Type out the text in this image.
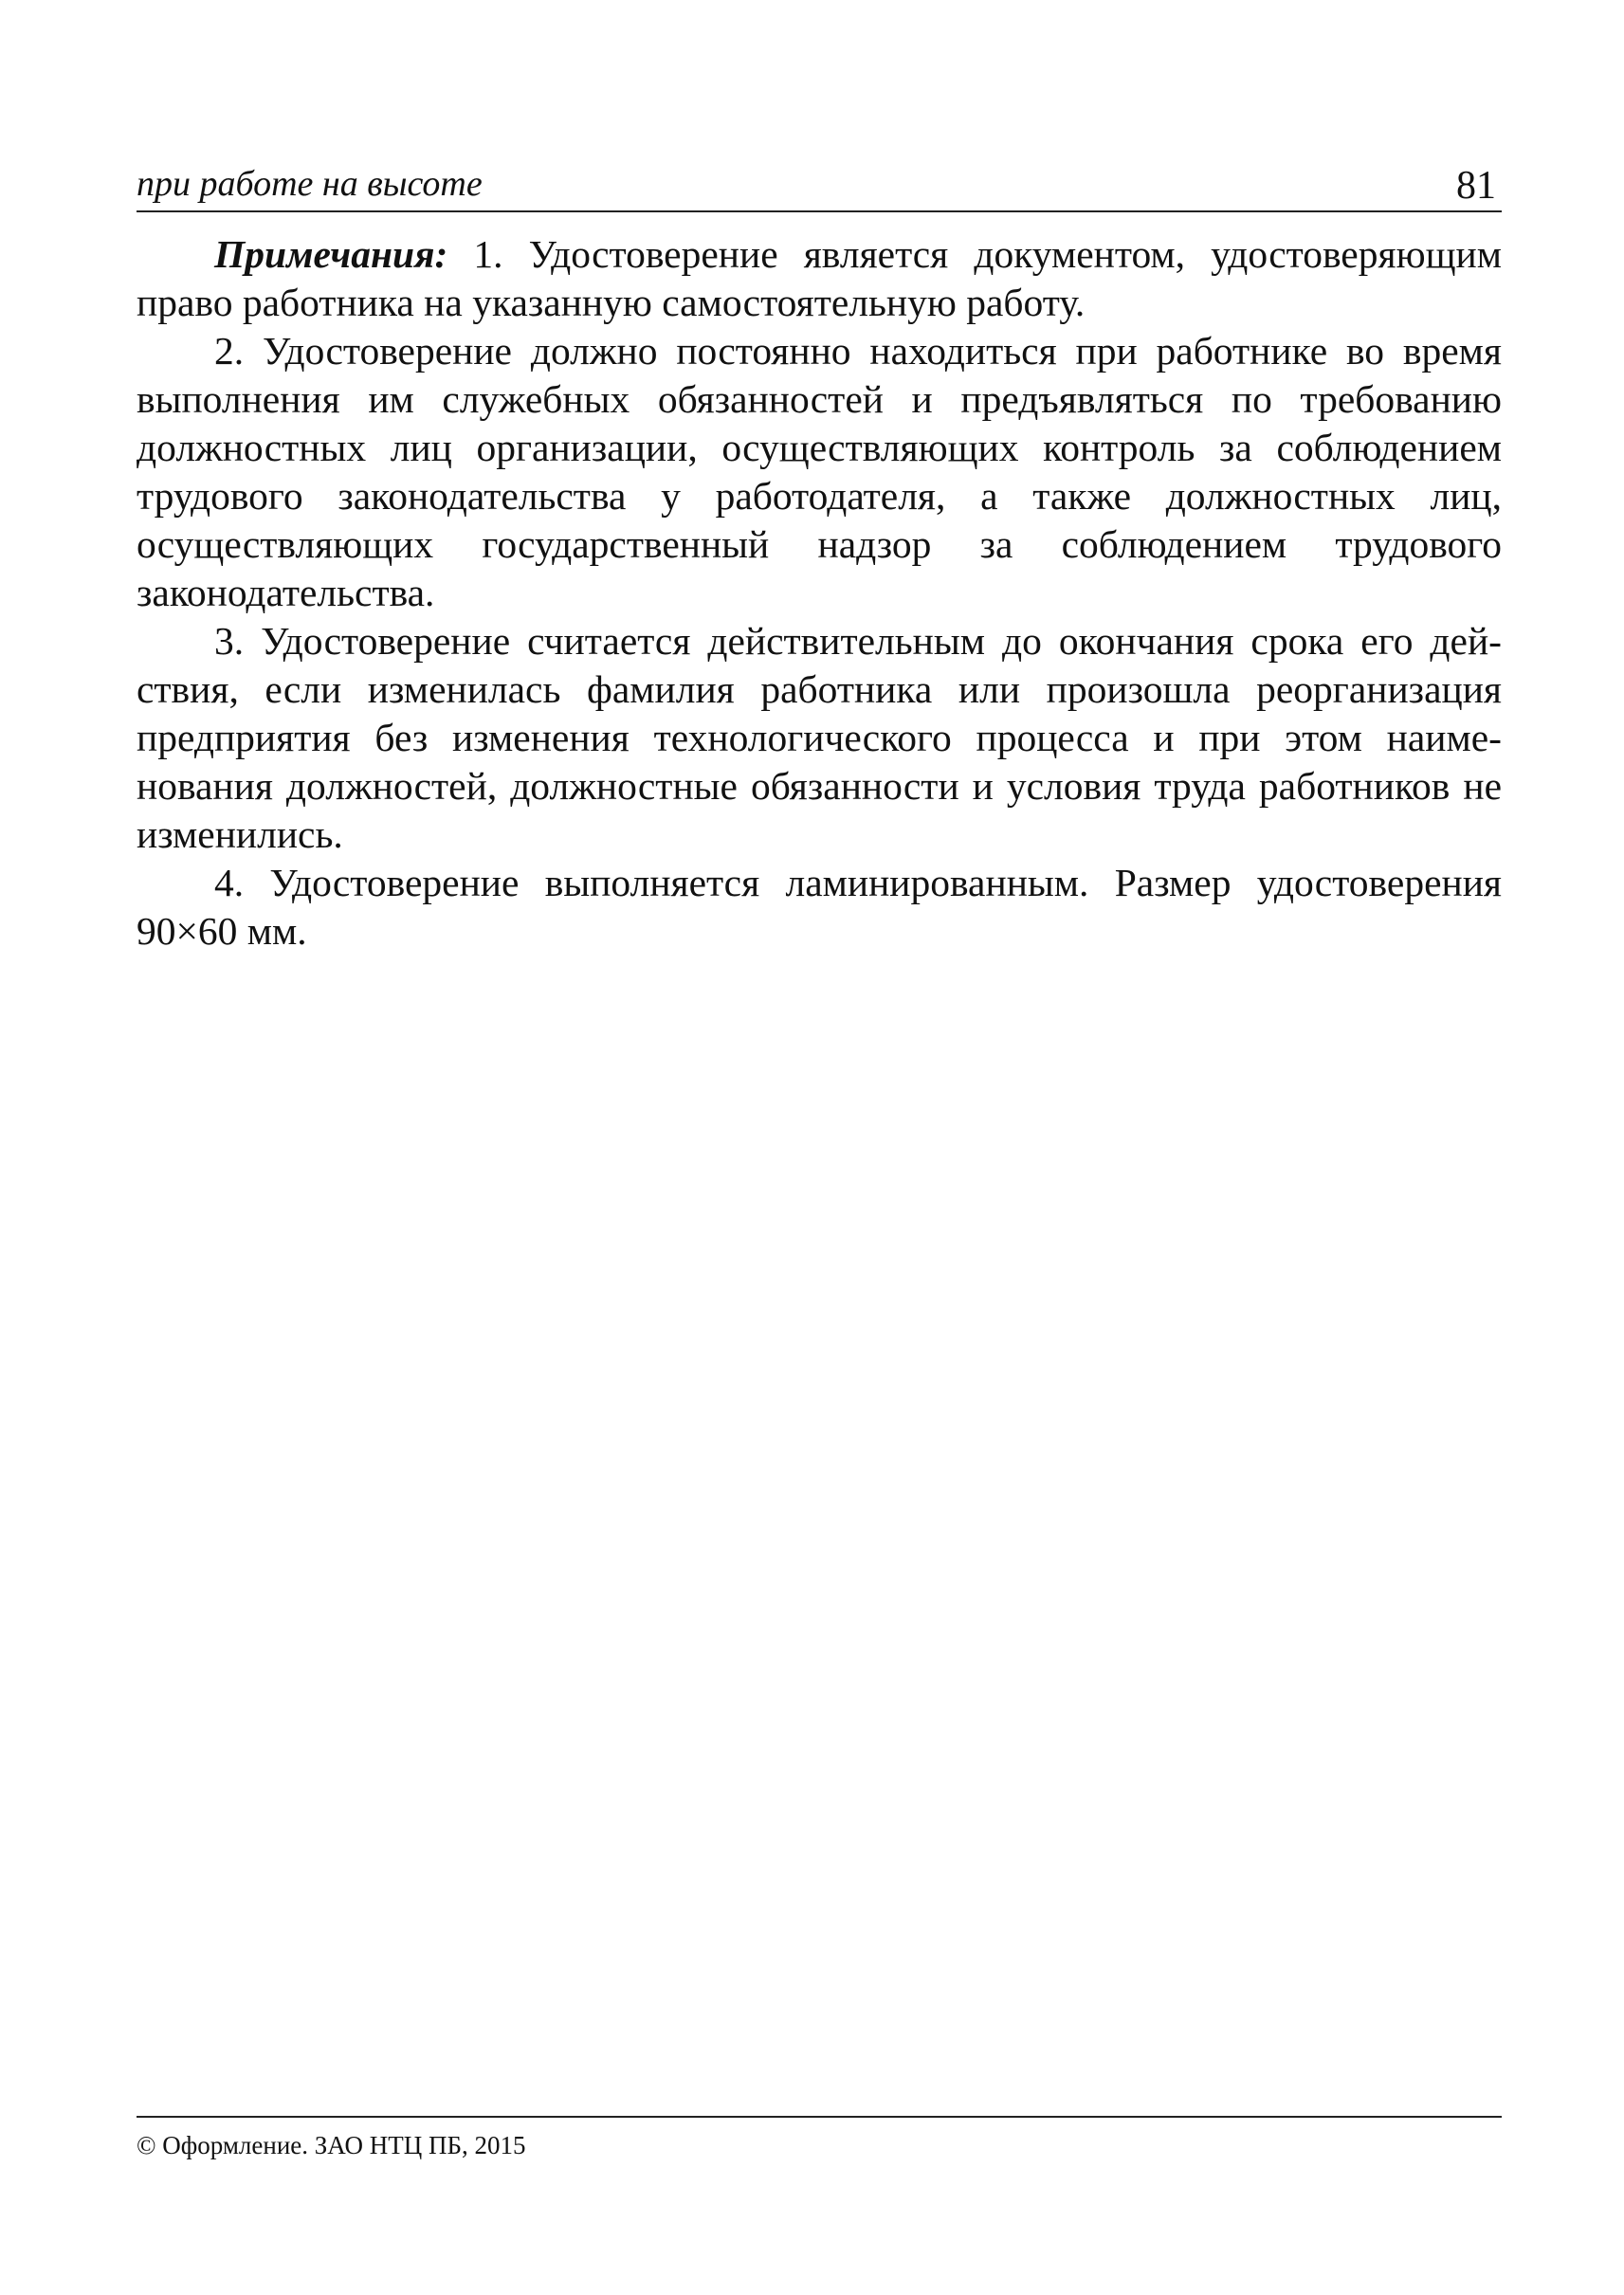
при работе на высоте	81

Примечания: 1. Удостоверение является документом, удостоверяющим право работника на указанную самостоятельную работу.

2. Удостоверение должно постоянно находиться при работнике во время выполнения им служебных обязанностей и предъявляться по требованию должностных лиц организации, осуществляющих контроль за соблюдением трудового законодательства у работодателя, а также должностных лиц, осуществляющих государственный надзор за соблюдением трудового законодательства.

3. Удостоверение считается действительным до окончания срока его действия, если изменилась фамилия работника или произошла реорганизация предприятия без изменения технологического процесса и при этом наименования должностей, должностные обязанности и условия труда работников не изменились.

4. Удостоверение выполняется ламинированным. Размер удостоверения 90×60 мм.

© Оформление. ЗАО НТЦ ПБ, 2015
